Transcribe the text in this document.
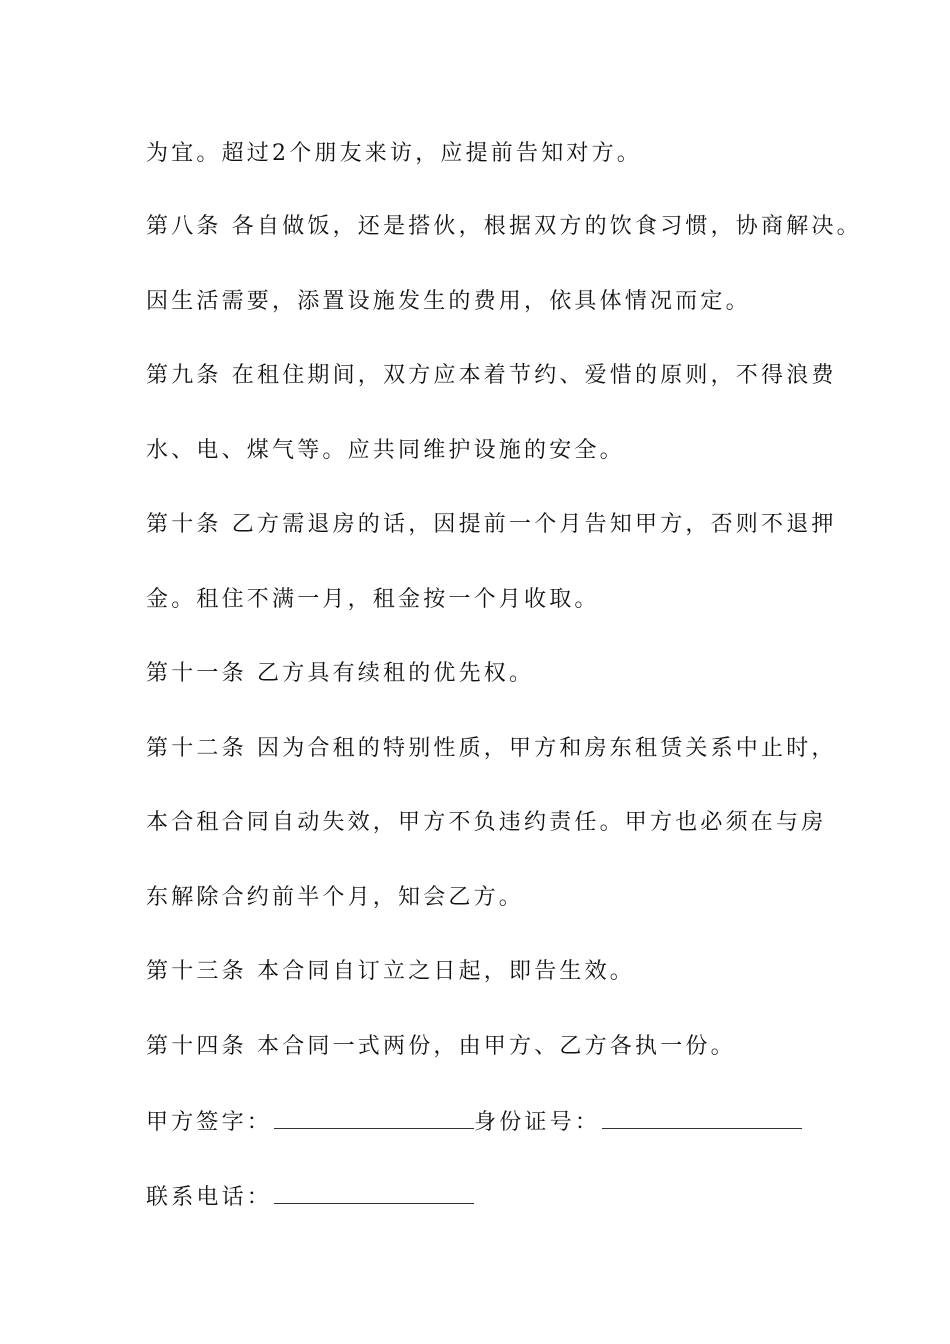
为宜。超过2个朋友来访，应提前告知对方。
第八条 各自做饭，还是搭伙，根据双方的饮食习惯，协商解决。
因生活需要，添置设施发生的费用，依具体情况而定。
第九条 在租住期间，双方应本着节约、爱惜的原则，不得浪费
水、电、煤气等。应共同维护设施的安全。
第十条 乙方需退房的话，因提前一个月告知甲方，否则不退押
金。租住不满一月，租金按一个月收取。
第十一条 乙方具有续租的优先权。
第十二条 因为合租的特别性质，甲方和房东租赁关系中止时，
本合租合同自动失效，甲方不负违约责任。甲方也必须在与房
东解除合约前半个月，知会乙方。
第十三条 本合同自订立之日起，即告生效。
第十四条 本合同一式两份，由甲方、乙方各执一份。
甲方签字：	身份证号：
联系电话：
